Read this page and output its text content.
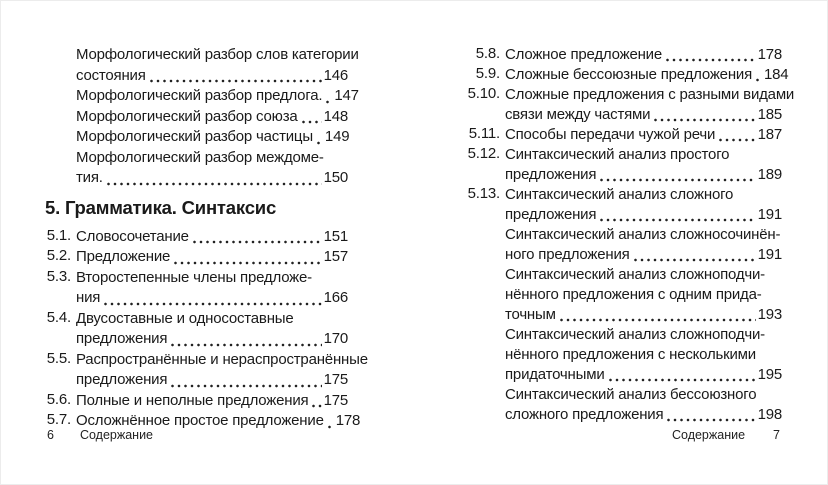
Морфологический разбор слов категории
состояния	146
Морфологический разбор предлога. 147
Морфологический разбор союза 148
Морфологический разбор частицы 149
Морфологический разбор междоме-
тия.	150
5. Грамматика. Синтаксис
5.1. Словосочетание	151
5.2. Предложение	157
5.3. Второстепенные члены предложе-
ния	166
5.4. Двусоставные и односоставные
предложения	170
5.5. Распространённые и нераспространённые
предложения	175
5.6. Полные и неполные предложения 175
5.7. Осложнённое простое предложение 178
5.8. Сложное предложение	178
5.9. Сложные бессоюзные предложения 184
5.10. Сложные предложения с разными видами
связи между частями	185
5.11. Способы передачи чужой речи	187
5.12. Синтаксический анализ простого
предложения	189
5.13. Синтаксический анализ сложного
предложения	191
Синтаксический анализ сложносочинён-
ного предложения	191
Синтаксический анализ сложноподчи-
нённого предложения с одним прида-
точным	193
Синтаксический анализ сложноподчи-
нённого предложения с несколькими
придаточными	195
Синтаксический анализ бессоюзного
сложного предложения	198
6 Содержание	Содержание 7
